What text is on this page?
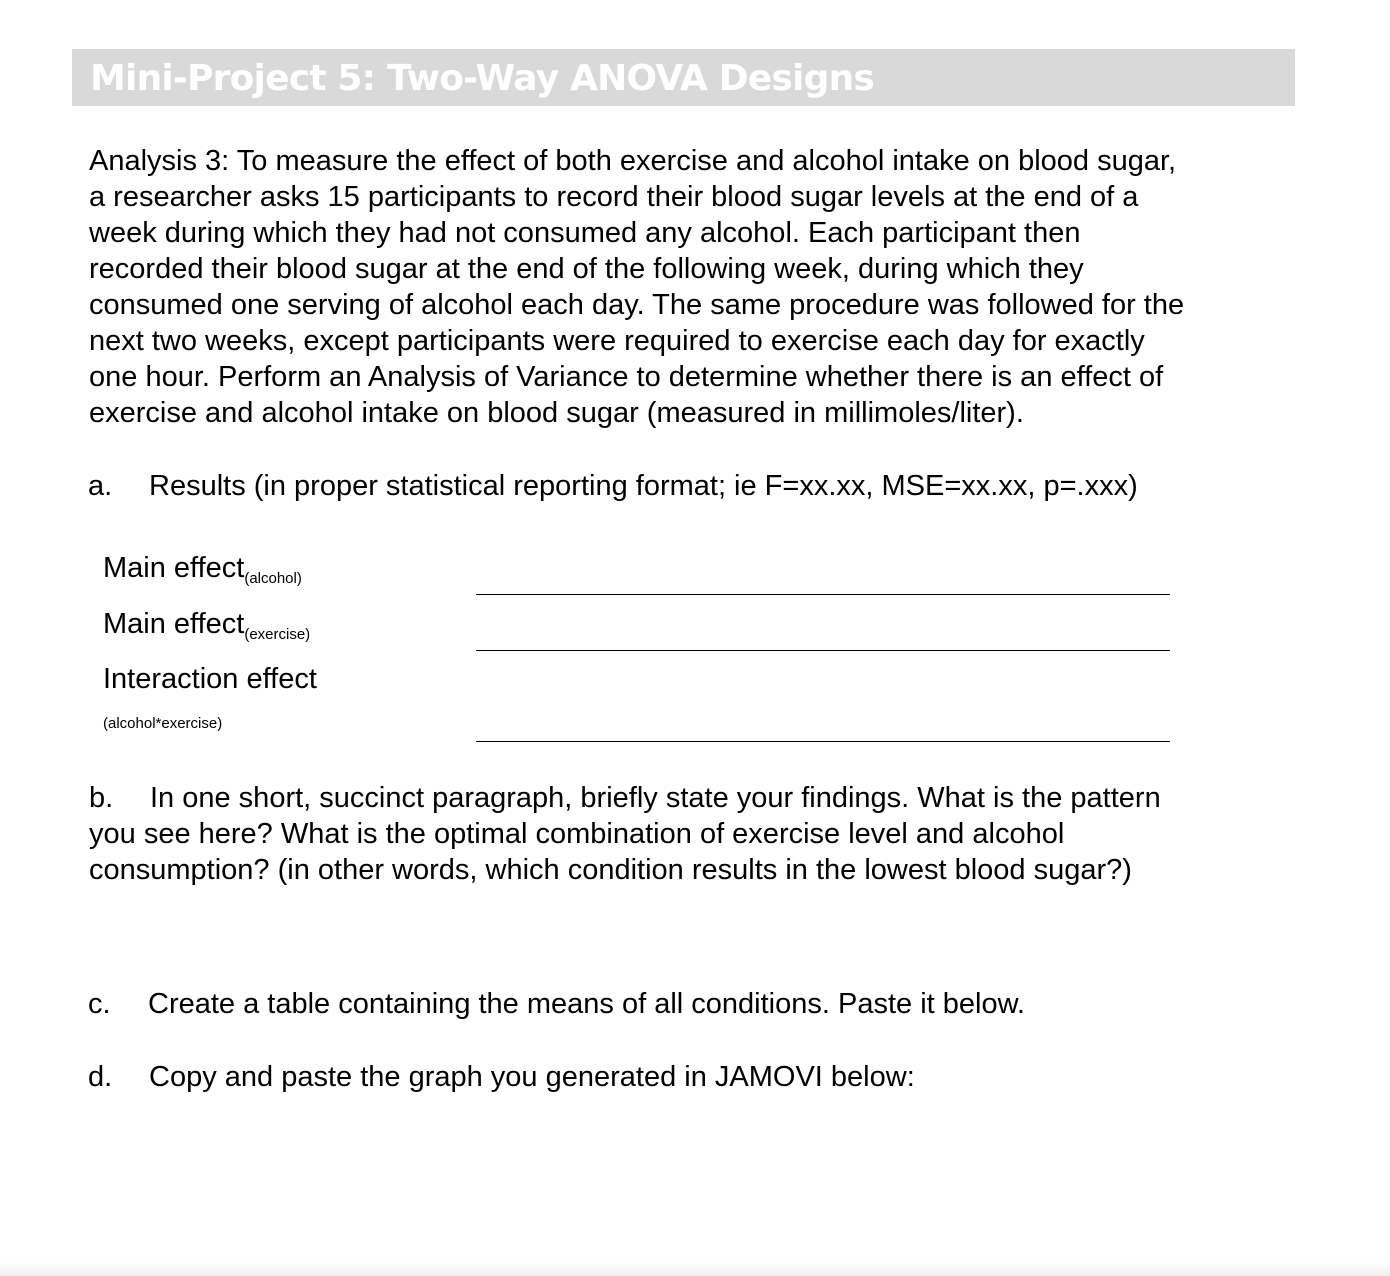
Mini-Project 5: Two-Way ANOVA Designs
Analysis 3: To measure the effect of both exercise and alcohol intake on blood sugar,
a researcher asks 15 participants to record their blood sugar levels at the end of a
week during which they had not consumed any alcohol. Each participant then
recorded their blood sugar at the end of the following week, during which they
consumed one serving of alcohol each day. The same procedure was followed for the
next two weeks, except participants were required to exercise each day for exactly
one hour. Perform an Analysis of Variance to determine whether there is an effect of
exercise and alcohol intake on blood sugar (measured in millimoles/liter).
a. Results (in proper statistical reporting format; ie F=xx.xx, MSE=xx.xx, p=.xxx)
Main effect$_{(alcohol)}$
Main effect$_{(exercise)}$
Interaction effect
(alcohol*exercise)
b. In one short, succinct paragraph, briefly state your findings. What is the pattern
you see here? What is the optimal combination of exercise level and alcohol
consumption? (in other words, which condition results in the lowest blood sugar?)
c. Create a table containing the means of all conditions. Paste it below.
d. Copy and paste the graph you generated in JAMOVI below:
